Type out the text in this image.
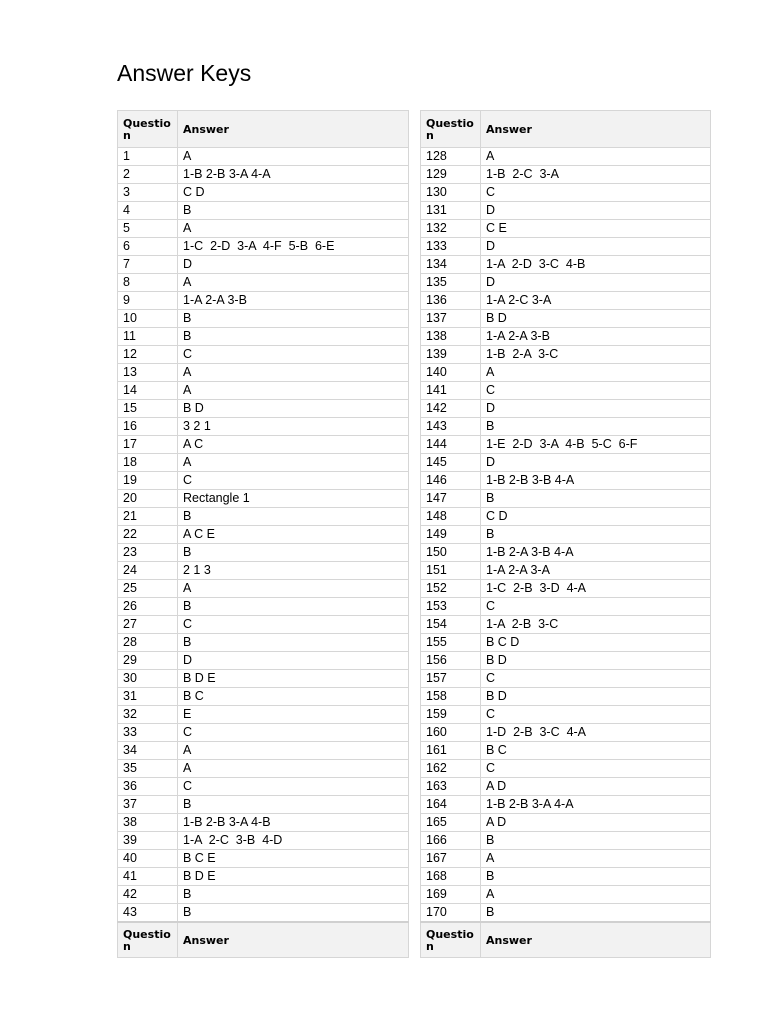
Answer Keys
Question	Answer
1	A
2	1-B 2-B 3-A 4-A
3	C D
4	B
5	A
6	1-C  2-D  3-A  4-F  5-B  6-E
7	D
8	A
9	1-A 2-A 3-B
10	B
11	B
12	C
13	A
14	A
15	B D
16	3 2 1
17	A C
18	A
19	C
20	Rectangle 1
21	B
22	A C E
23	B
24	2 1 3
25	A
26	B
27	C
28	B
29	D
30	B D E
31	B C
32	E
33	C
34	A
35	A
36	C
37	B
38	1-B 2-B 3-A 4-B
39	1-A  2-C  3-B  4-D
40	B C E
41	B D E
42	B
43	B
Question	Answer
Question	Answer
128	A
129	1-B  2-C  3-A
130	C
131	D
132	C E
133	D
134	1-A  2-D  3-C  4-B
135	D
136	1-A 2-C 3-A
137	B D
138	1-A 2-A 3-B
139	1-B  2-A  3-C
140	A
141	C
142	D
143	B
144	1-E  2-D  3-A  4-B  5-C  6-F
145	D
146	1-B 2-B 3-B 4-A
147	B
148	C D
149	B
150	1-B 2-A 3-B 4-A
151	1-A 2-A 3-A
152	1-C  2-B  3-D  4-A
153	C
154	1-A  2-B  3-C
155	B C D
156	B D
157	C
158	B D
159	C
160	1-D  2-B  3-C  4-A
161	B C
162	C
163	A D
164	1-B 2-B 3-A 4-A
165	A D
166	B
167	A
168	B
169	A
170	B
Question	Answer
